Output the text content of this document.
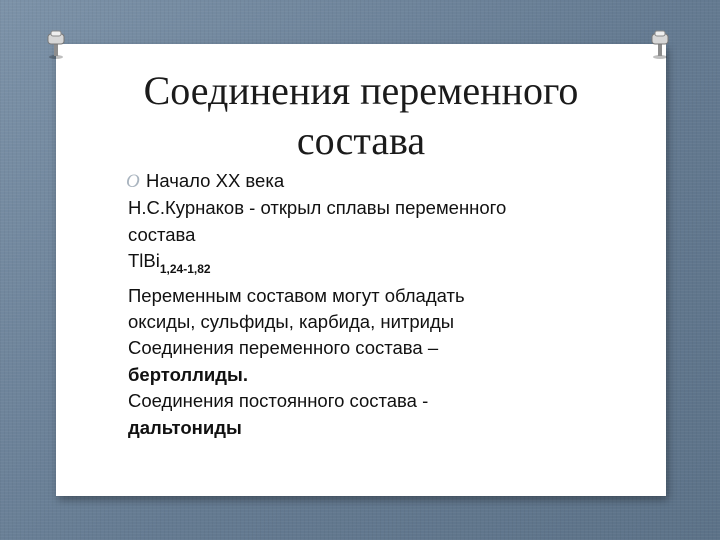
Соединения переменного
состава

O Начало XX века

Н.С.Курнаков - открыл сплавы переменного

состава

TlBi$_{1,24-1,82}$

Переменным составом могут обладать

оксиды, сульфиды, карбида, нитриды

Соединения переменного состава –

бертоллиды.

Соединения постоянного состава -

дальтониды
